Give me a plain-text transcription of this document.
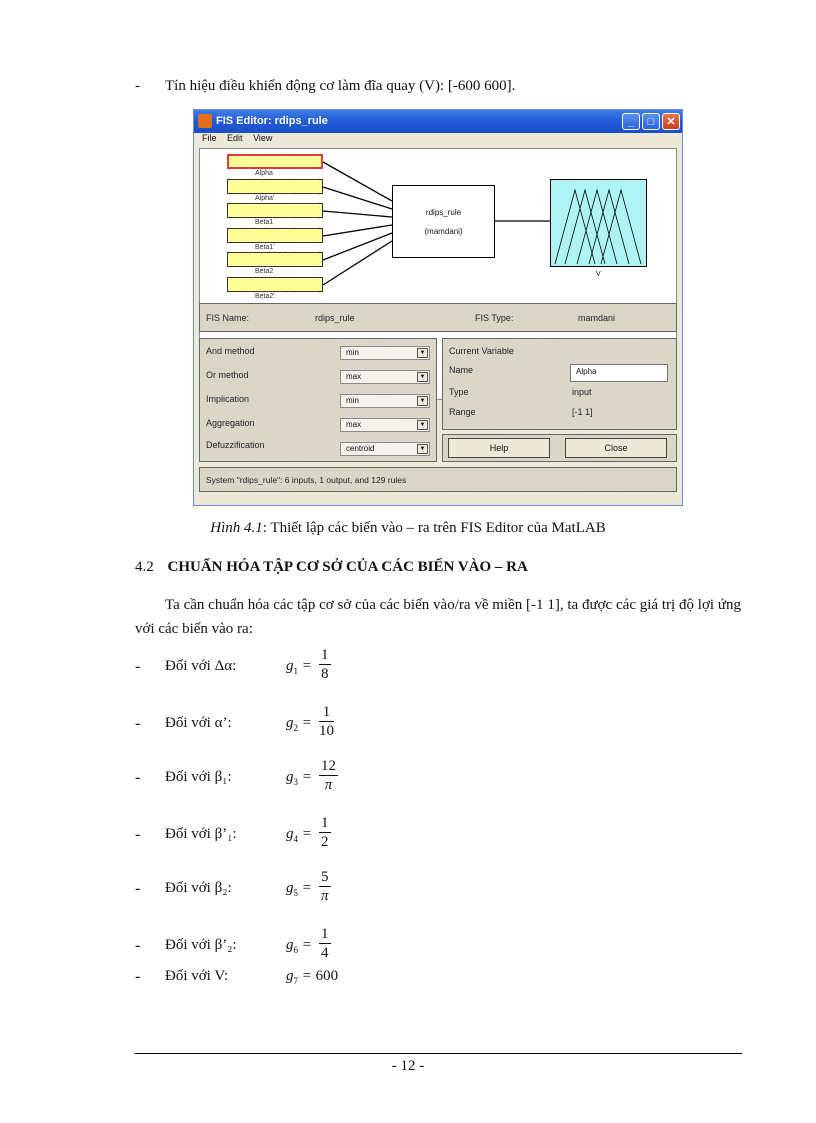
- Tín hiệu điều khiển động cơ làm đĩa quay (V): [-600 600].
FIS Editor: rdips_rule	_	□	✕
File Edit View
Alpha
Alpha'
Beta1
Beta1'
Beta2
Beta2'
rdips_rule
(mamdani)
V
FIS Name:	rdips_rule	FIS Type:	mamdani
And method	min	▼
Or method	max	▼
Implication	min	▼
Aggregation	max	▼
Defuzzification	centroid	▼
Current Variable
Name	Alpha
Type	input
Range	[-1 1]
Help	Close
System "rdips_rule": 6 inputs, 1 output, and 129 rules
Hình 4.1: Thiết lập các biến vào – ra trên FIS Editor của MatLAB
4.2 CHUẨN HÓA TẬP CƠ SỞ CỦA CÁC BIẾN VÀO – RA
Ta cần chuẩn hóa các tập cơ sở của các biến vào/ra về miền [-1 1], ta được các giá trị độ lợi ứng với các biến vào ra:
- Đối với Δα:	$g_1 = \frac{1}{8}$
- Đối với α’:	$g_2 = \frac{1}{10}$
- Đối với β₁:	$g_3 = \frac{12}{\pi}$
- Đối với β’₁:	$g_4 = \frac{1}{2}$
- Đối với β₂:	$g_5 = \frac{5}{\pi}$
- Đối với β’₂:	$g_6 = \frac{1}{4}$
- Đối với V:	$g_7 = 600$
- 12 -
